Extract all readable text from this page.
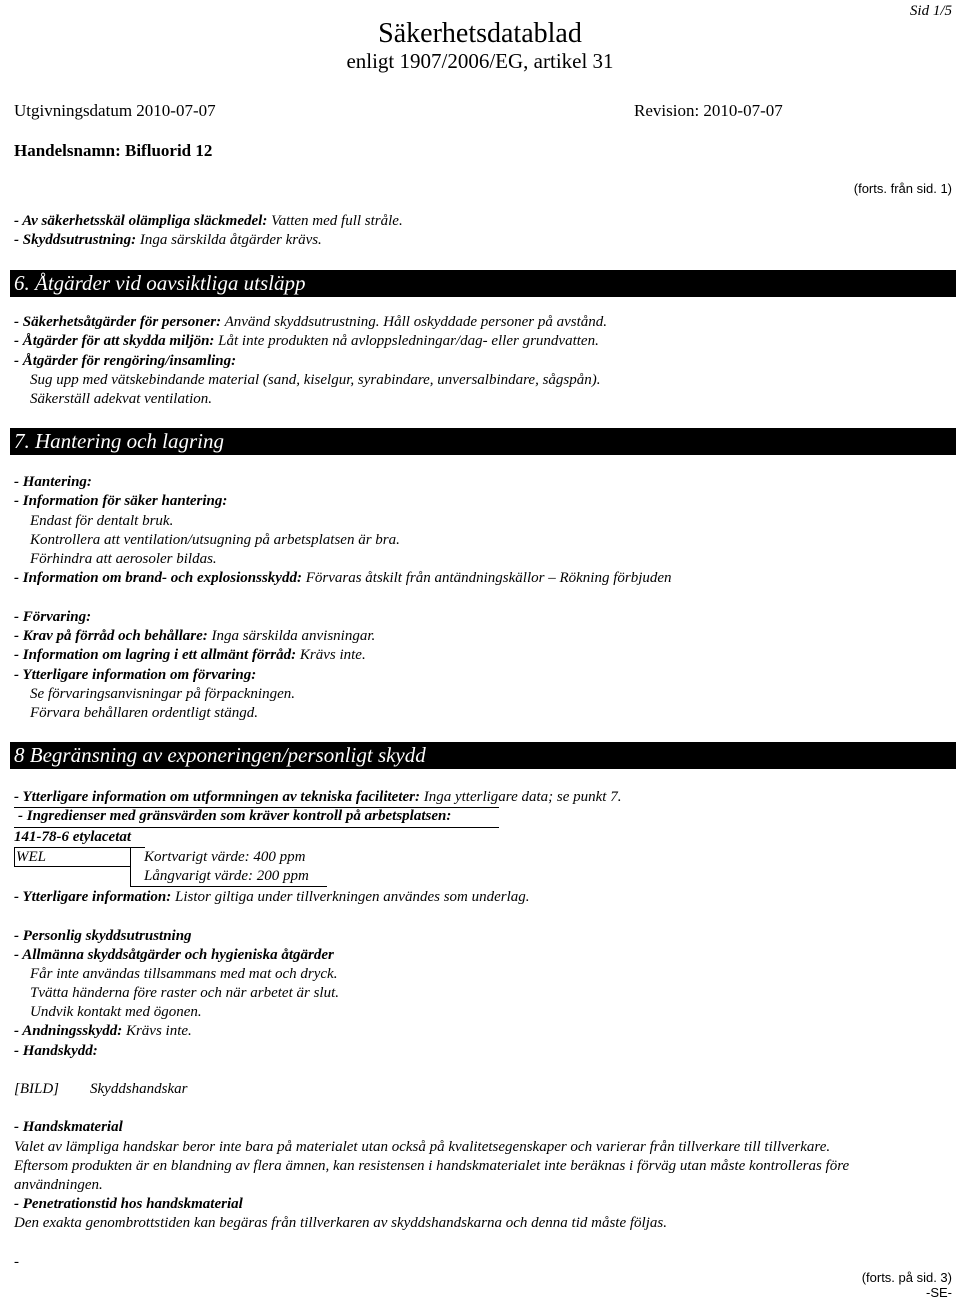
Sid 1/5
Säkerhetsdatablad
enligt 1907/2006/EG, artikel 31
Utgivningsdatum 2010-07-07	Revision: 2010-07-07
Handelsnamn: Bifluorid 12
(forts. från sid. 1)
- Av säkerhetsskäl olämpliga släckmedel: Vatten med full stråle.
- Skyddsutrustning: Inga särskilda åtgärder krävs.
6. Åtgärder vid oavsiktliga utsläpp
- Säkerhetsåtgärder för personer: Använd skyddsutrustning. Håll oskyddade personer på avstånd.
- Åtgärder för att skydda miljön: Låt inte produkten nå avloppsledningar/dag- eller grundvatten.
- Åtgärder för rengöring/insamling:
Sug upp med vätskebindande material (sand, kiselgur, syrabindare, unversalbindare, sågspån).
Säkerställ adekvat ventilation.
7. Hantering och lagring
- Hantering:
- Information för säker hantering:
Endast för dentalt bruk.
Kontrollera att ventilation/utsugning på arbetsplatsen är bra.
Förhindra att aerosoler bildas.
- Information om brand- och explosionsskydd: Förvaras åtskilt från antändningskällor – Rökning förbjuden
- Förvaring:
- Krav på förråd och behållare: Inga särskilda anvisningar.
- Information om lagring i ett allmänt förråd: Krävs inte.
- Ytterligare information om förvaring:
Se förvaringsanvisningar på förpackningen.
Förvara behållaren ordentligt stängd.
8 Begränsning av exponeringen/personligt skydd
- Ytterligare information om utformningen av tekniska faciliteter: Inga ytterligare data; se punkt 7.
- Ingredienser med gränsvärden som kräver kontroll på arbetsplatsen:
141-78-6 etylacetat
WEL	Kortvarigt värde: 400 ppm
Långvarigt värde: 200 ppm
- Ytterligare information: Listor giltiga under tillverkningen användes som underlag.
- Personlig skyddsutrustning
- Allmänna skyddsåtgärder och hygieniska åtgärder
Får inte användas tillsammans med mat och dryck.
Tvätta händerna före raster och när arbetet är slut.
Undvik kontakt med ögonen.
- Andningsskydd: Krävs inte.
- Handskydd:
[BILD] Skyddshandskar
- Handskmaterial
Valet av lämpliga handskar beror inte bara på materialet utan också på kvalitetsegenskaper och varierar från tillverkare till tillverkare.
Eftersom produkten är en blandning av flera ämnen, kan resistensen i handskmaterialet inte beräknas i förväg utan måste kontrolleras före
användningen.
- Penetrationstid hos handskmaterial
Den exakta genombrottstiden kan begäras från tillverkaren av skyddshandskarna och denna tid måste följas.
-
(forts. på sid. 3)
-SE-
